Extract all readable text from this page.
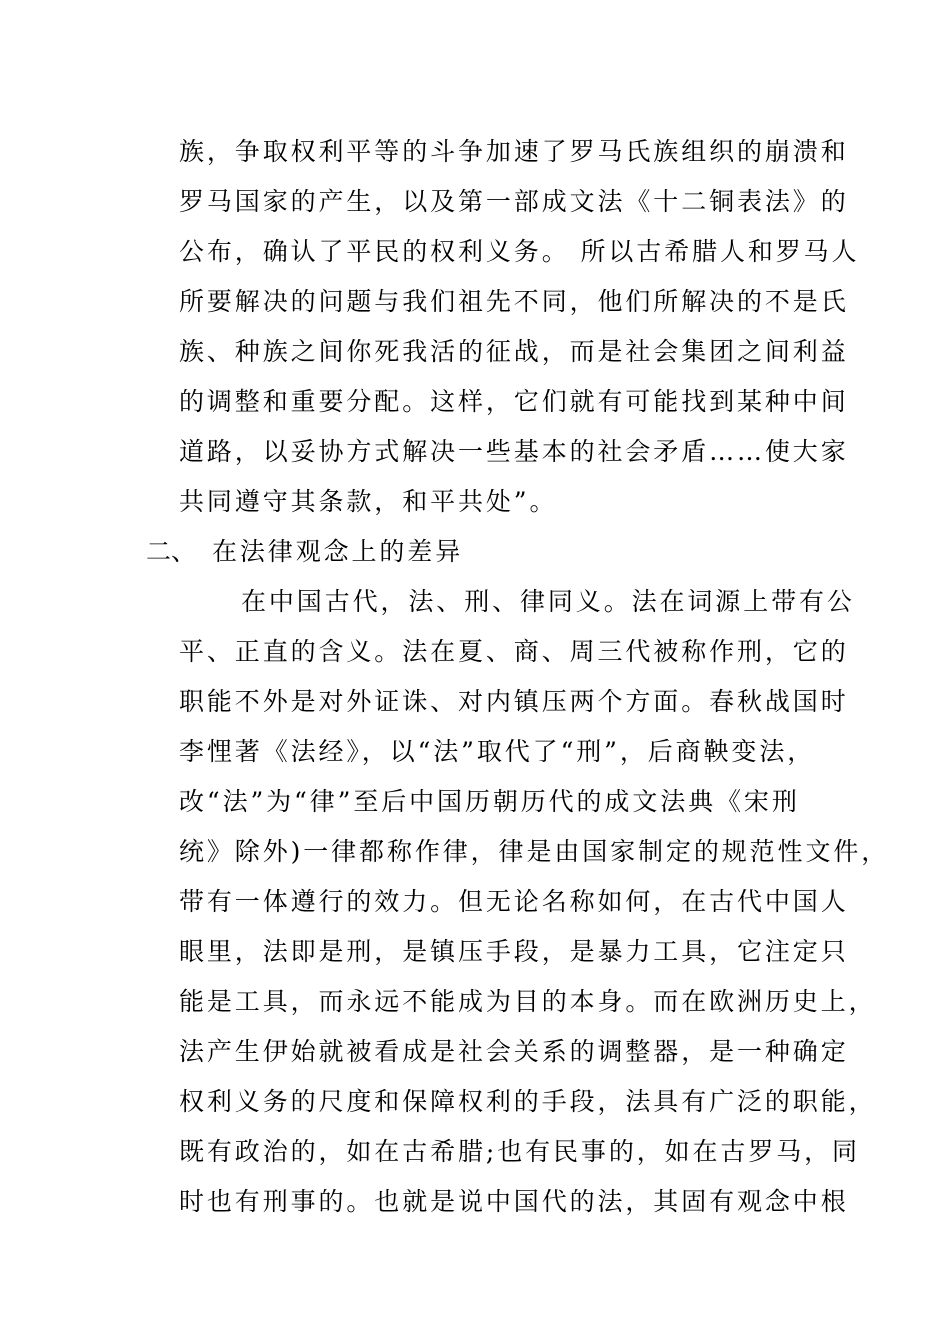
族，争取权利平等的斗争加速了罗马氏族组织的崩溃和
罗马国家的产生，以及第一部成文法《十二铜表法》的
公布，确认了平民的权利义务。 所以古希腊人和罗马人
所要解决的问题与我们祖先不同，他们所解决的不是氏
族、种族之间你死我活的征战，而是社会集团之间利益
的调整和重要分配。这样，它们就有可能找到某种中间
道路，以妥协方式解决一些基本的社会矛盾……使大家
共同遵守其条款，和平共处”。
二、 在法律观念上的差异
在中国古代，法、刑、律同义。法在词源上带有公
平、正直的含义。法在夏、商、周三代被称作刑，它的
职能不外是对外证诛、对内镇压两个方面。春秋战国时
李悝著《法经》，以“法”取代了“刑”，后商鞅变法，
改“法”为“律”至后中国历朝历代的成文法典《宋刑
统》除外)一律都称作律，律是由国家制定的规范性文件，
带有一体遵行的效力。但无论名称如何，在古代中国人
眼里，法即是刑，是镇压手段，是暴力工具，它注定只
能是工具，而永远不能成为目的本身。而在欧洲历史上，
法产生伊始就被看成是社会关系的调整器，是一种确定
权利义务的尺度和保障权利的手段，法具有广泛的职能，
既有政治的，如在古希腊;也有民事的，如在古罗马，同
时也有刑事的。也就是说中国代的法，其固有观念中根
